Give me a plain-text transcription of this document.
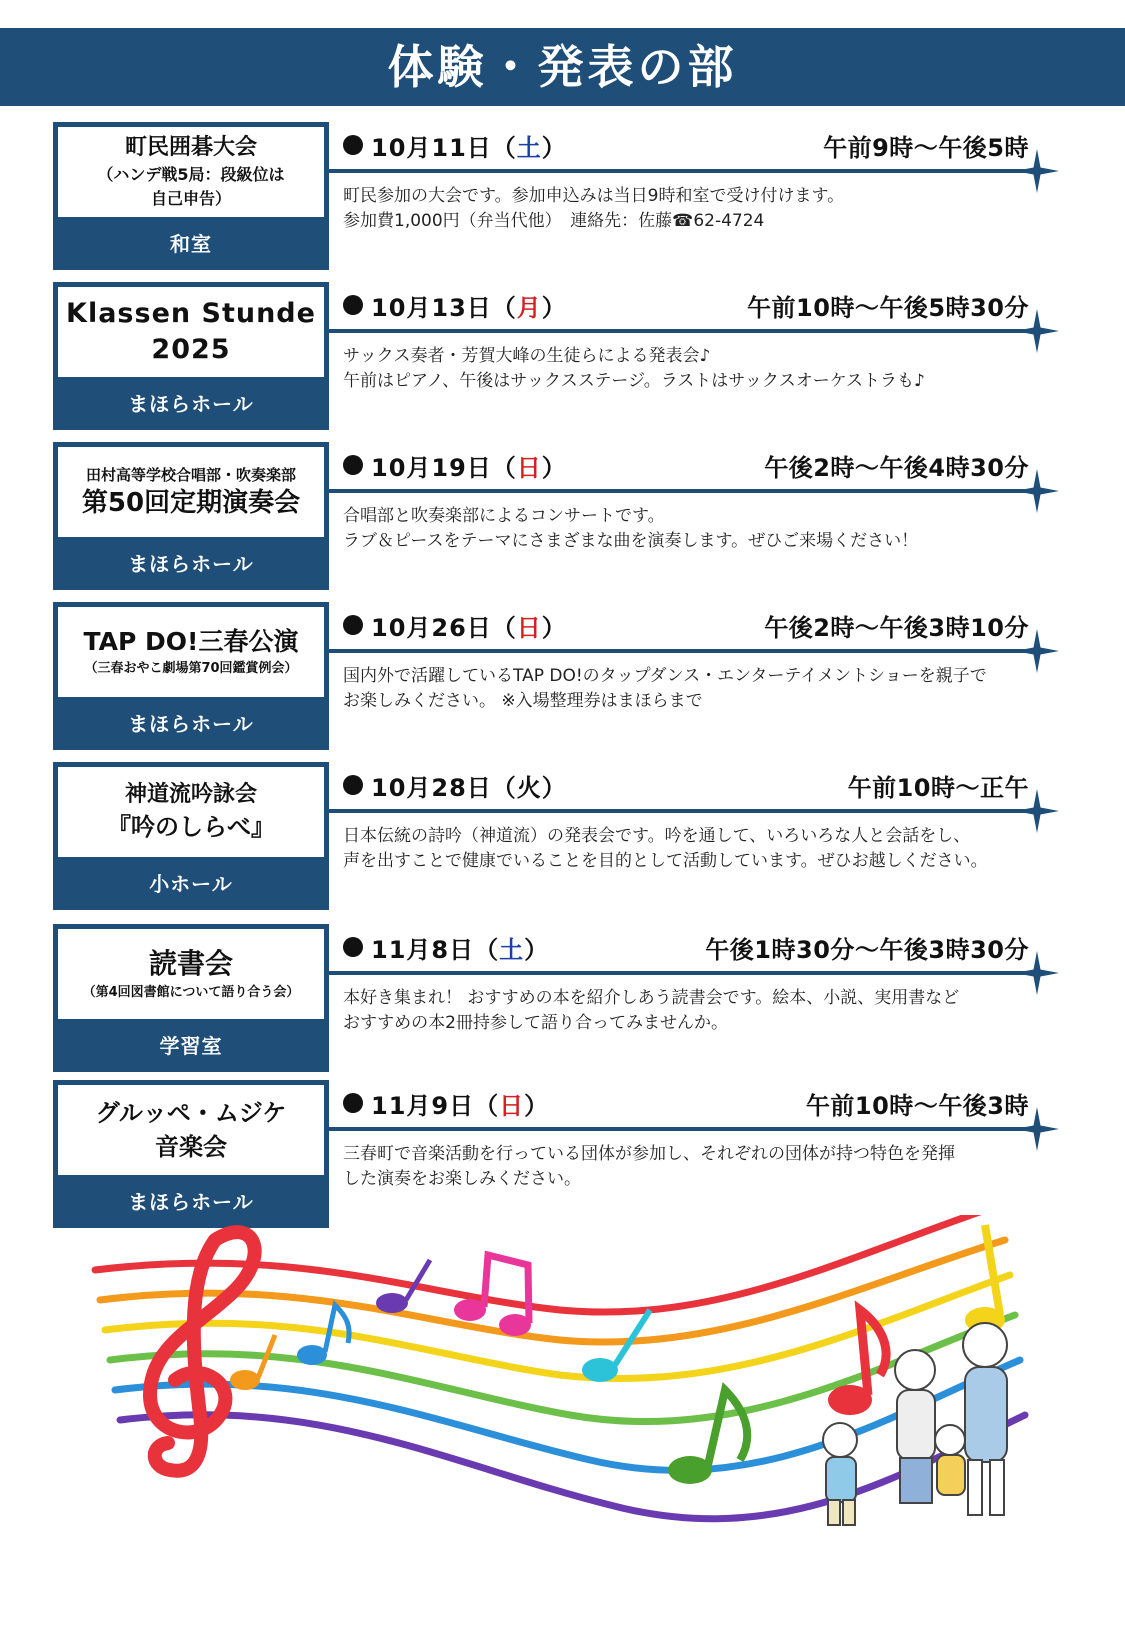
体験・発表の部
町民囲碁大会
（ハンデ戦5局：段級位は
自己申告）
和室
10月11日 （ 土 ）	午前9時～午後5時
町民参加の大会です。参加申込みは当日9時和室で受け付けます。
参加費1,000円（弁当代他）　連絡先：佐藤☎62-4724
Klassen Stunde
2025
まほらホール
10月13日 （ 月 ）	午前10時～午後5時30分
サックス奏者・芳賀大峰の生徒らによる発表会♪
午前はピアノ、午後はサックスステージ。ラストはサックスオーケストラも♪
田村高等学校合唱部・吹奏楽部
第50回定期演奏会
まほらホール
10月19日 （ 日 ）	午後2時～午後4時30分
合唱部と吹奏楽部によるコンサートです。
ラブ＆ピースをテーマにさまざまな曲を演奏します。ぜひご来場ください！
TAP DO!三春公演
（三春おやこ劇場第70回鑑賞例会）
まほらホール
10月26日 （ 日 ）	午後2時～午後3時10分
国内外で活躍しているTAP DO!のタップダンス・エンターテイメントショーを親子で
お楽しみください。 ※入場整理券はまほらまで
神道流吟詠会
『吟のしらべ』
小ホール
10月28日 （ 火 ）	午前10時～正午
日本伝統の詩吟（神道流）の発表会です。吟を通して、いろいろな人と会話をし、
声を出すことで健康でいることを目的として活動しています。ぜひお越しください。
読書会
（第4回図書館について語り合う会）
学習室
11月8日 （ 土 ）	午後1時30分～午後3時30分
本好き集まれ！ おすすめの本を紹介しあう読書会です。絵本、小説、実用書など
おすすめの本2冊持参して語り合ってみませんか。
グルッペ・ムジケ
音楽会
まほらホール
11月9日 （ 日 ）	午前10時～午後3時
三春町で音楽活動を行っている団体が参加し、それぞれの団体が持つ特色を発揮
した演奏をお楽しみください。
